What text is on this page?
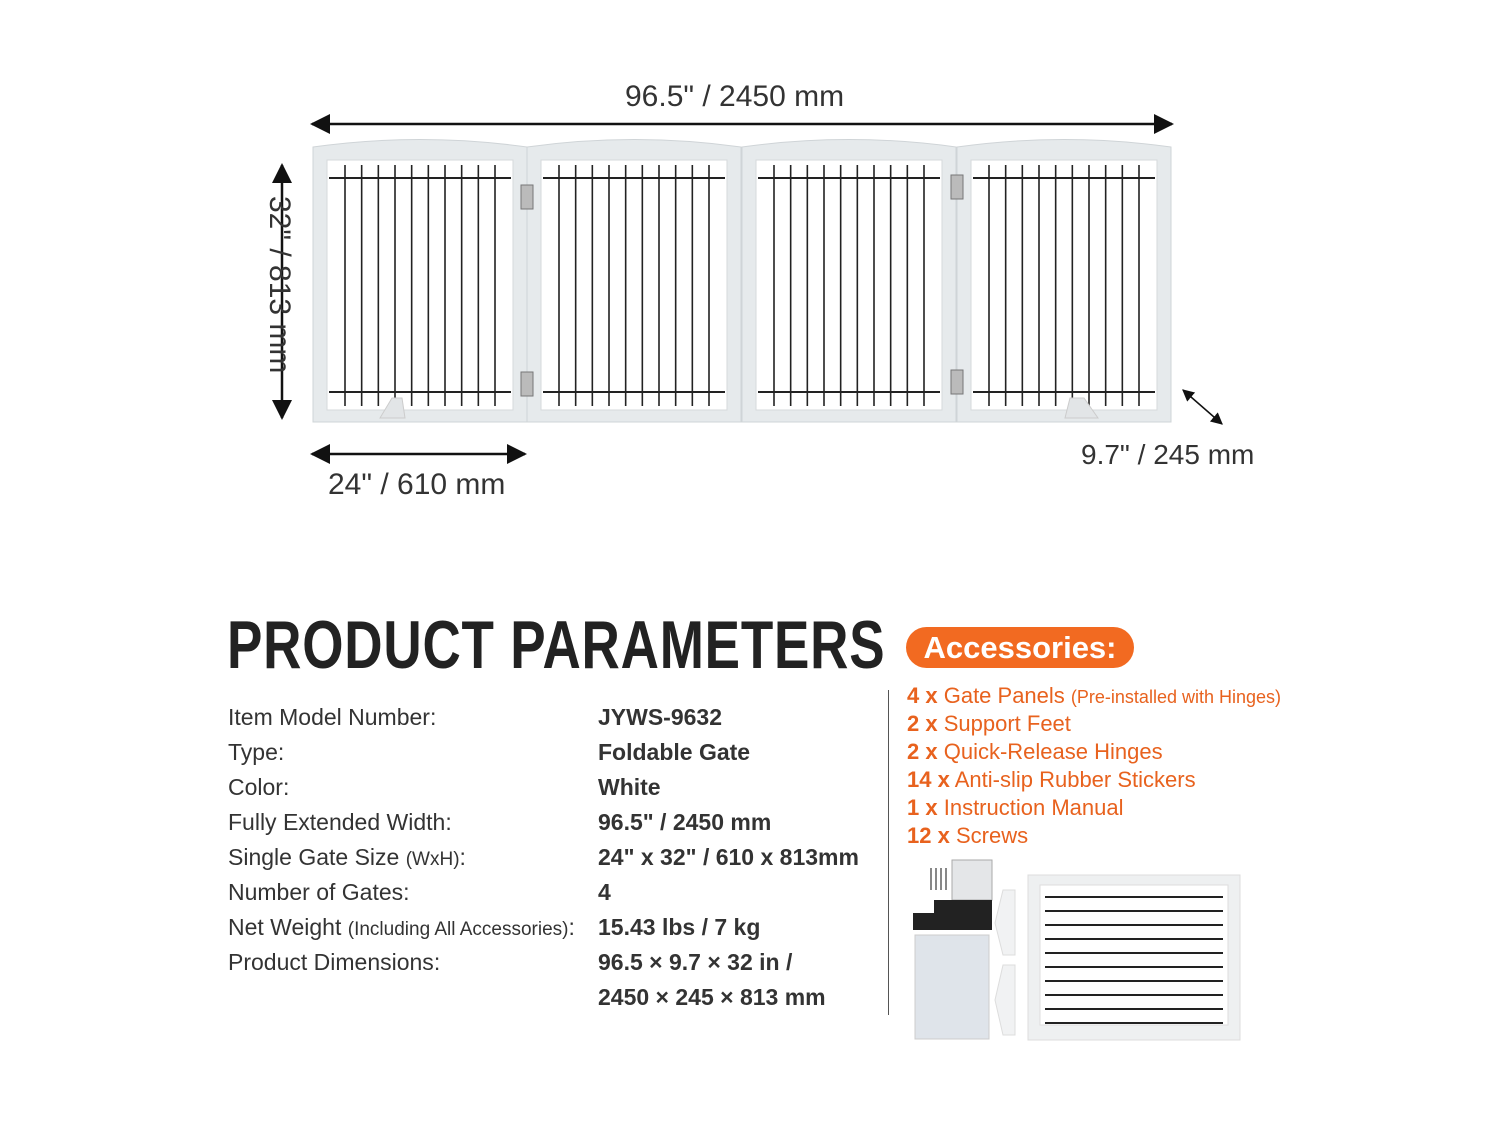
96.5" / 2450 mm
32" / 813 mm
24" / 610 mm
9.7" / 245 mm
PRODUCT PARAMETERS
Item Model Number:	JYWS-9632
Type:	Foldable Gate
Color:	White
Fully Extended Width:	96.5" / 2450 mm
Single Gate Size (WxH):	24" x 32" / 610 x 813mm
Number of Gates:	4
Net Weight (Including All Accessories): 15.43 lbs / 7 kg
Product Dimensions:	96.5 × 9.7 × 32 in /
2450 × 245 × 813 mm
Accessories:
4 x Gate Panels (Pre-installed with Hinges)
2 x Support Feet
2 x Quick-Release Hinges
14 x Anti-slip Rubber Stickers
1 x Instruction Manual
12 x Screws
